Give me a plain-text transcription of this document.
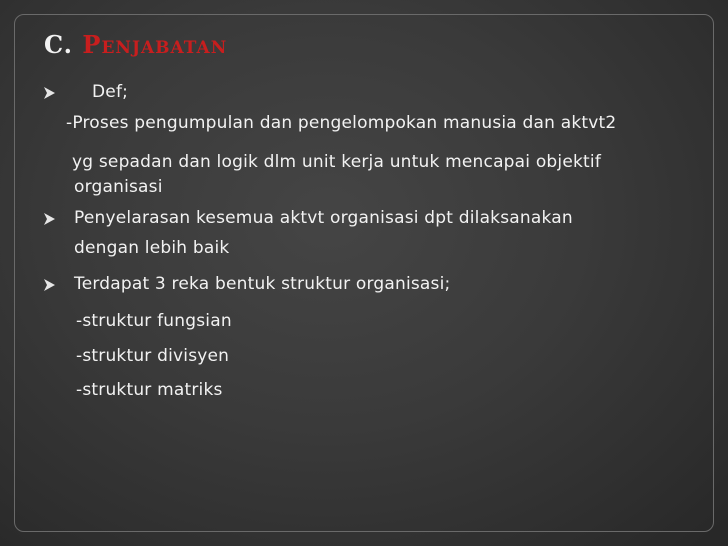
C. Penjabatan
Def;
-Proses pengumpulan dan pengelompokan manusia dan aktvt2
yg sepadan dan logik dlm unit kerja untuk mencapai objektif
organisasi
Penyelarasan kesemua aktvt organisasi dpt dilaksanakan
dengan lebih baik
Terdapat 3 reka bentuk struktur organisasi;
-struktur fungsian
-struktur divisyen
-struktur matriks
